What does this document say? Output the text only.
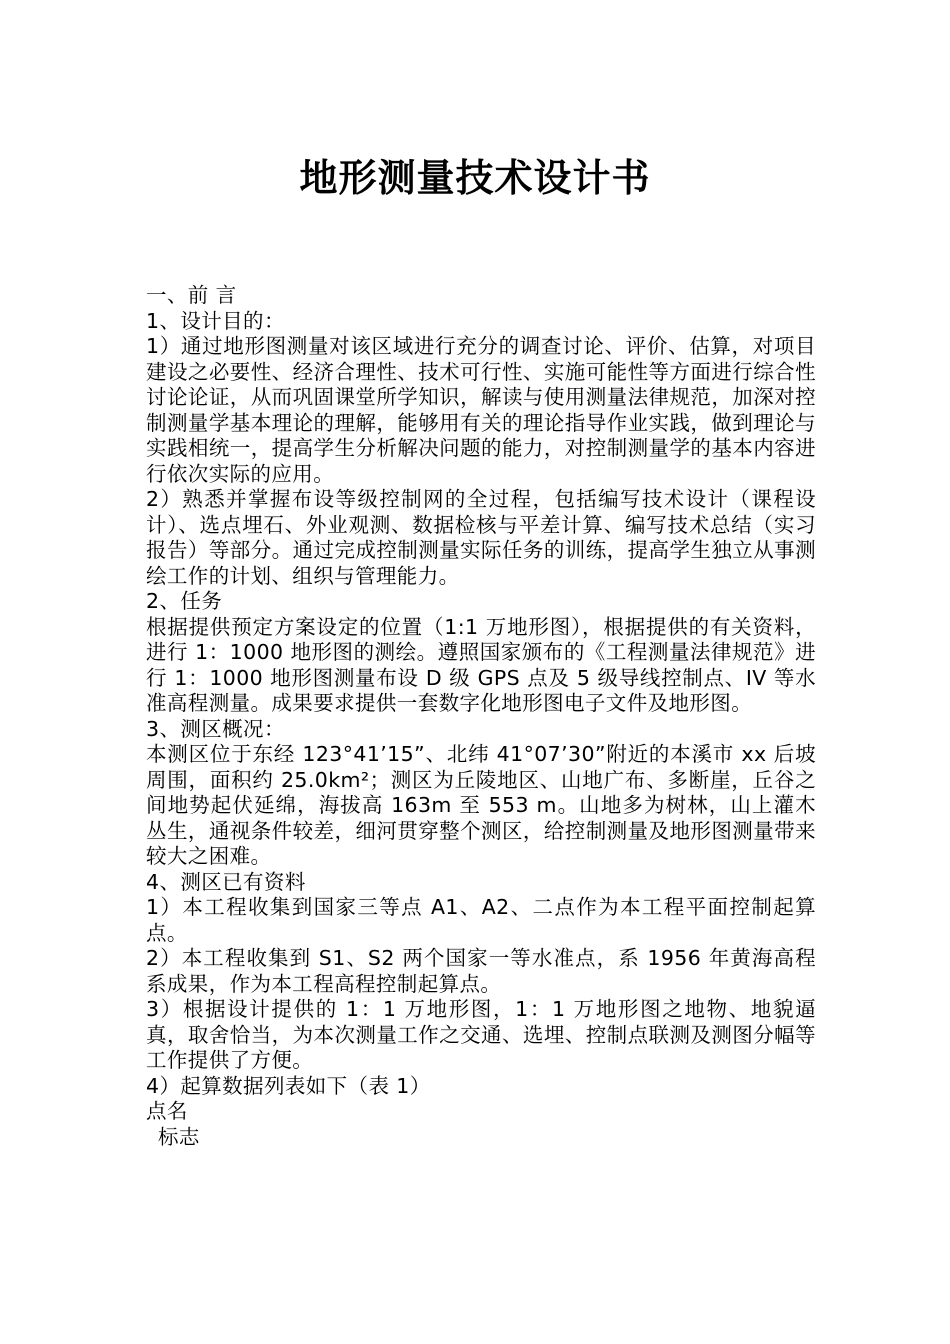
地形测量技术设计书

一、前 言

1、设计目的：

1）通过地形图测量对该区域进行充分的调查讨论、评价、估算，对项目建设之必要性、经济合理性、技术可行性、实施可能性等方面进行综合性讨论论证，从而巩固课堂所学知识，解读与使用测量法律规范，加深对控制测量学基本理论的理解，能够用有关的理论指导作业实践，做到理论与实践相统一，提高学生分析解决问题的能力，对控制测量学的基本内容进行依次实际的应用。

2）熟悉并掌握布设等级控制网的全过程，包括编写技术设计（课程设计）、选点埋石、外业观测、数据检核与平差计算、编写技术总结（实习报告）等部分。通过完成控制测量实际任务的训练，提高学生独立从事测绘工作的计划、组织与管理能力。

2、任务

根据提供预定方案设定的位置（1:1 万地形图），根据提供的有关资料，进行 1：1000 地形图的测绘。遵照国家颁布的《工程测量法律规范》进行 1：1000 地形图测量布设 D 级 GPS 点及 5 级导线控制点、IV 等水准高程测量。成果要求提供一套数字化地形图电子文件及地形图。

3、测区概况：

本测区位于东经 123°41’15”、北纬 41°07’30”附近的本溪市 xx 后坡周围，面积约 25.0km²；测区为丘陵地区、山地广布、多断崖，丘谷之间地势起伏延绵，海拔高 163m 至 553 m。山地多为树林，山上灌木丛生，通视条件较差，细河贯穿整个测区，给控制测量及地形图测量带来较大之困难。

4、测区已有资料

1）本工程收集到国家三等点 A1、A2、二点作为本工程平面控制起算点。

2）本工程收集到 S1、S2 两个国家一等水准点，系 1956 年黄海高程系成果，作为本工程高程控制起算点。

3）根据设计提供的 1：1 万地形图，1：1 万地形图之地物、地貌逼真，取舍恰当，为本次测量工作之交通、选埋、控制点联测及测图分幅等工作提供了方便。

4）起算数据列表如下（表 1）

点名

标志
